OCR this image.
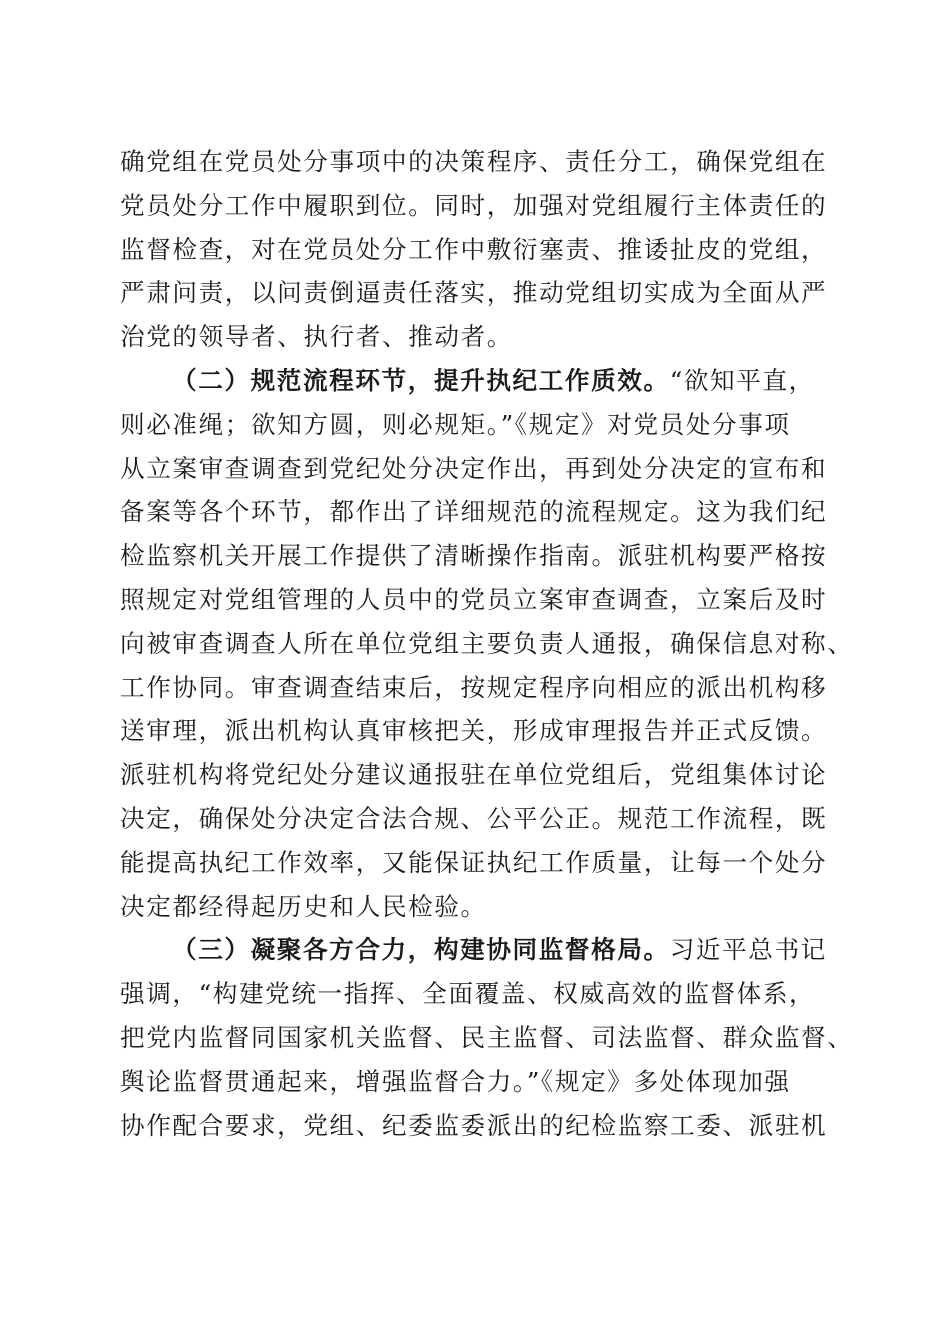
确党组在党员处分事项中的决策程序、责任分工，确保党组在
党员处分工作中履职到位。同时，加强对党组履行主体责任的
监督检查，对在党员处分工作中敷衍塞责、推诿扯皮的党组，
严肃问责，以问责倒逼责任落实，推动党组切实成为全面从严
治党的领导者、执行者、推动者。
（二）规范流程环节，提升执纪工作质效。“欲知平直，
则必准绳；欲知方圆，则必规矩。”《规定》对党员处分事项
从立案审查调查到党纪处分决定作出，再到处分决定的宣布和
备案等各个环节，都作出了详细规范的流程规定。这为我们纪
检监察机关开展工作提供了清晰操作指南。派驻机构要严格按
照规定对党组管理的人员中的党员立案审查调查，立案后及时
向被审查调查人所在单位党组主要负责人通报，确保信息对称、
工作协同。审查调查结束后，按规定程序向相应的派出机构移
送审理，派出机构认真审核把关，形成审理报告并正式反馈。
派驻机构将党纪处分建议通报驻在单位党组后，党组集体讨论
决定，确保处分决定合法合规、公平公正。规范工作流程，既
能提高执纪工作效率，又能保证执纪工作质量，让每一个处分
决定都经得起历史和人民检验。
（三）凝聚各方合力，构建协同监督格局。习近平总书记
强调，“构建党统一指挥、全面覆盖、权威高效的监督体系，
把党内监督同国家机关监督、民主监督、司法监督、群众监督、
舆论监督贯通起来，增强监督合力。”《规定》多处体现加强
协作配合要求，党组、纪委监委派出的纪检监察工委、派驻机
